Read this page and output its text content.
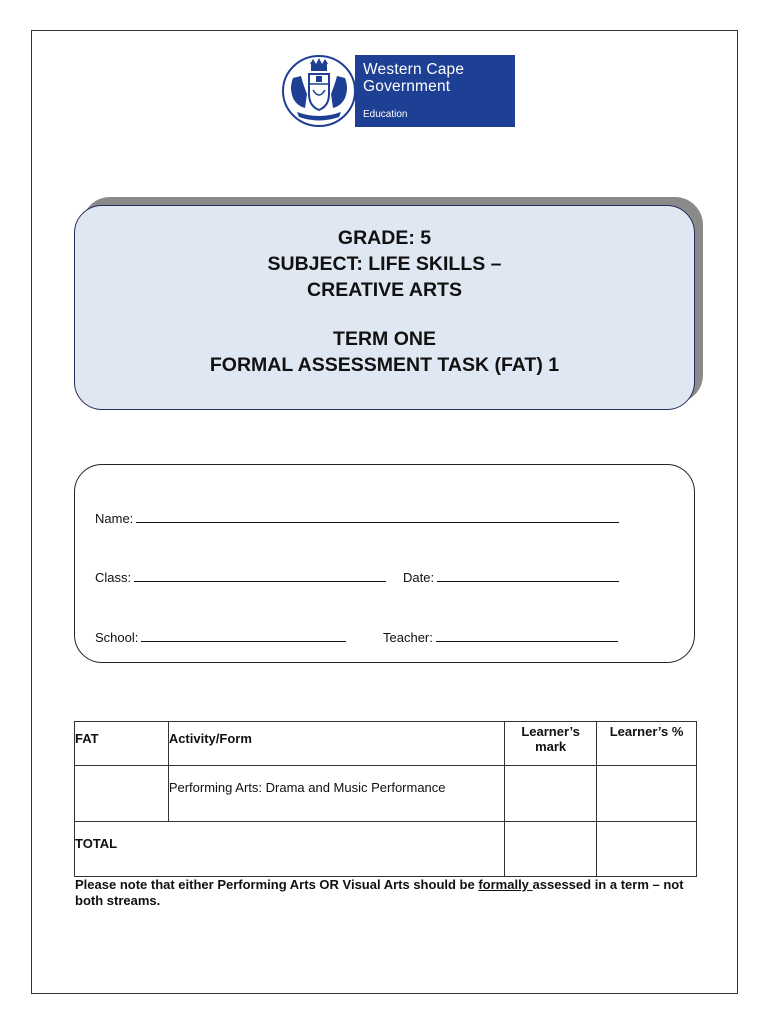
Western Cape
Government
Education
GRADE: 5
SUBJECT: LIFE SKILLS –
CREATIVE ARTS
TERM ONE
FORMAL ASSESSMENT TASK (FAT) 1
Name:
Class:	Date:
School:	Teacher:
FAT	Activity/Form	Learner’s mark	Learner’s %
	Performing Arts: Drama and Music Performance		
TOTAL			
Please note that either Performing Arts OR Visual Arts should be formally assessed in a term – not both streams.
